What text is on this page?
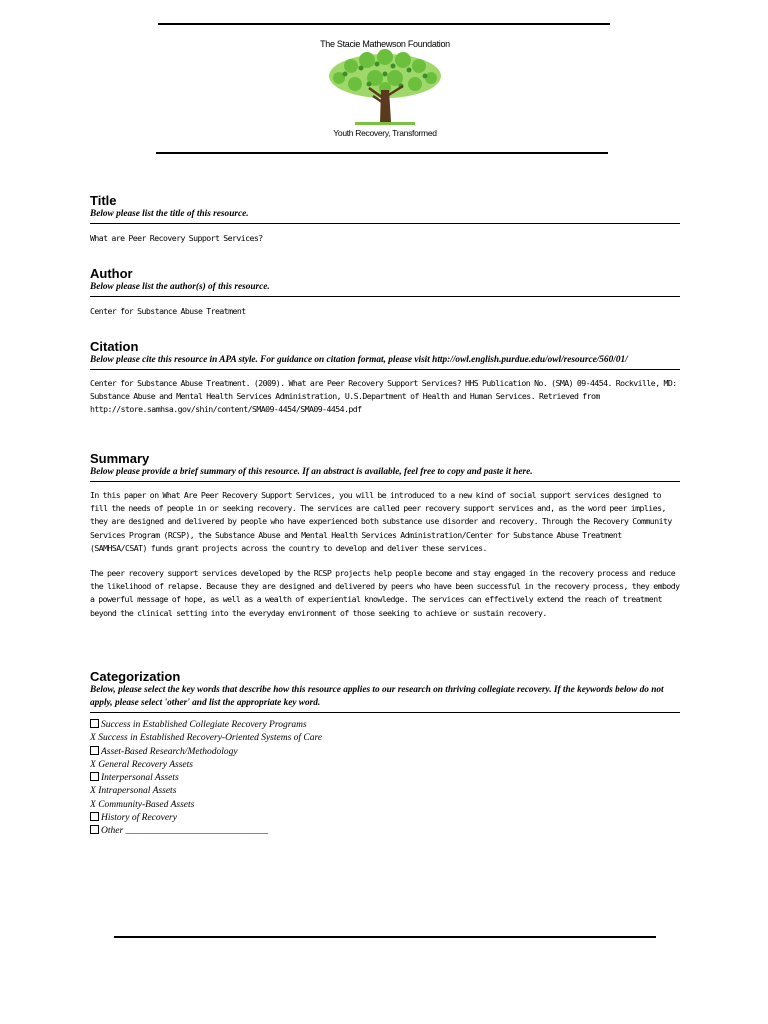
The Stacie Mathewson Foundation
Youth Recovery, Transformed
Title

Below please list the title of this resource.

What are Peer Recovery Support Services?

Author

Below please list the author(s) of this resource.

Center for Substance Abuse Treatment

Citation

Below please cite this resource in APA style. For guidance on citation format, please visit http://owl.english.purdue.edu/owl/resource/560/01/

Center for Substance Abuse Treatment. (2009). What are Peer Recovery Support Services? HHS Publication No. (SMA) 09-4454. Rockville, MD: Substance Abuse and Mental Health Services Administration, U.S.Department of Health and Human Services. Retrieved from http://store.samhsa.gov/shin/content/SMA09-4454/SMA09-4454.pdf

Summary

Below please provide a brief summary of this resource. If an abstract is available, feel free to copy and paste it here.

In this paper on What Are Peer Recovery Support Services, you will be introduced to a new kind of social support services designed to fill the needs of people in or seeking recovery. The services are called peer recovery support services and, as the word peer implies, they are designed and delivered by people who have experienced both substance use disorder and recovery. Through the Recovery Community Services Program (RCSP), the Substance Abuse and Mental Health Services Administration/Center for Substance Abuse Treatment (SAMHSA/CSAT) funds grant projects across the country to develop and deliver these services.

The peer recovery support services developed by the RCSP projects help people become and stay engaged in the recovery process and reduce the likelihood of relapse. Because they are designed and delivered by peers who have been successful in the recovery process, they embody a powerful message of hope, as well as a wealth of experiential knowledge. The services can effectively extend the reach of treatment beyond the clinical setting into the everyday environment of those seeking to achieve or sustain recovery.

Categorization

Below, please select the key words that describe how this resource applies to our research on thriving collegiate recovery. If the keywords below do not apply, please select 'other' and list the appropriate key word.

Success in Established Collegiate Recovery Programs
X Success in Established Recovery-Oriented Systems of Care
Asset-Based Research/Methodology
X General Recovery Assets
Interpersonal Assets
X Intrapersonal Assets
X Community-Based Assets
History of Recovery
Other ______________________________
